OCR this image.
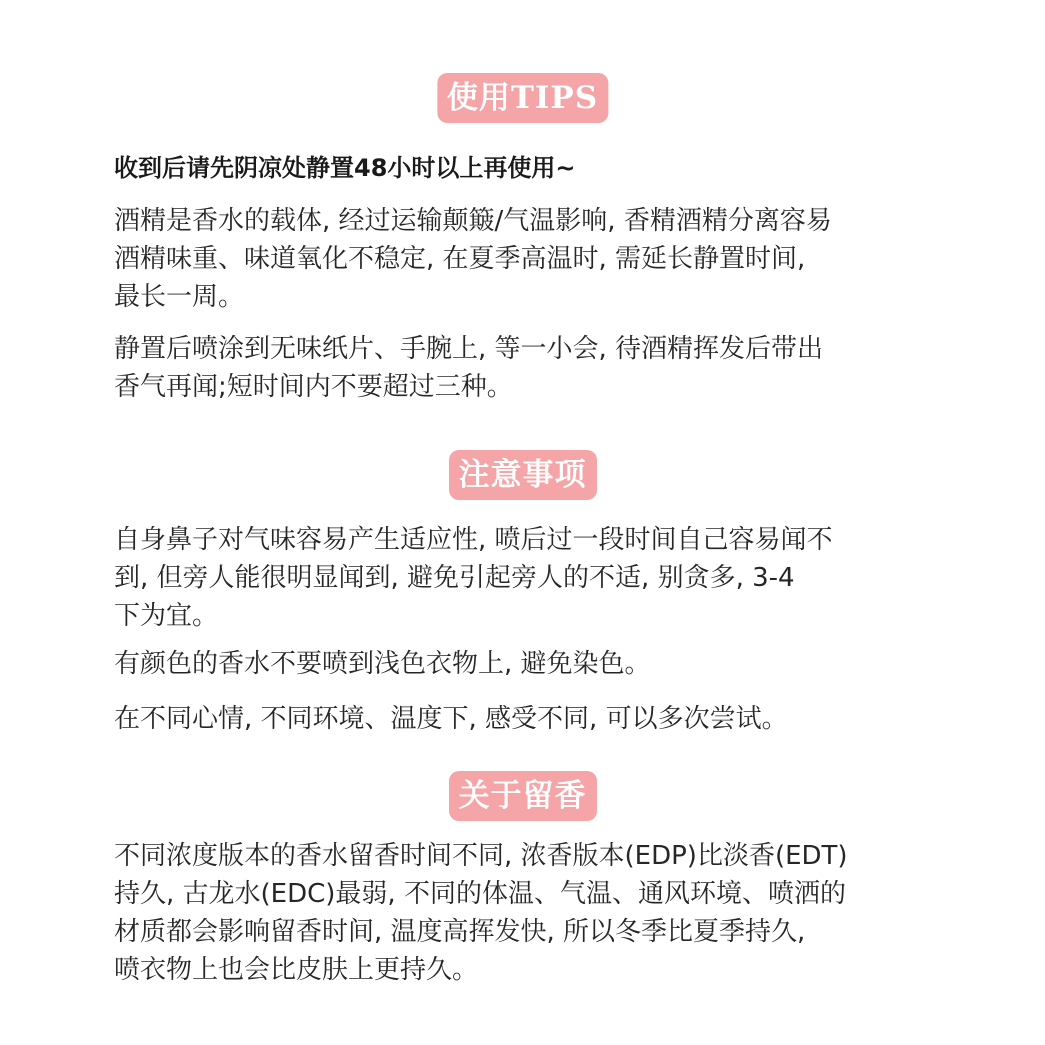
使用TIPS
收到后请先阴凉处静置48小时以上再使用~
酒精是香水的载体, 经过运输颠簸/气温影响, 香精酒精分离容易
酒精味重、味道氧化不稳定, 在夏季高温时, 需延长静置时间,
最长一周。
静置后喷涂到无味纸片、手腕上, 等一小会, 待酒精挥发后带出
香气再闻;短时间内不要超过三种。
注意事项
自身鼻子对气味容易产生适应性, 喷后过一段时间自己容易闻不
到, 但旁人能很明显闻到, 避免引起旁人的不适, 别贪多, 3-4
下为宜。
有颜色的香水不要喷到浅色衣物上, 避免染色。
在不同心情, 不同环境、温度下, 感受不同, 可以多次尝试。
关于留香
不同浓度版本的香水留香时间不同, 浓香版本(EDP)比淡香(EDT)
持久, 古龙水(EDC)最弱, 不同的体温、气温、通风环境、喷洒的
材质都会影响留香时间, 温度高挥发快, 所以冬季比夏季持久,
喷衣物上也会比皮肤上更持久。
